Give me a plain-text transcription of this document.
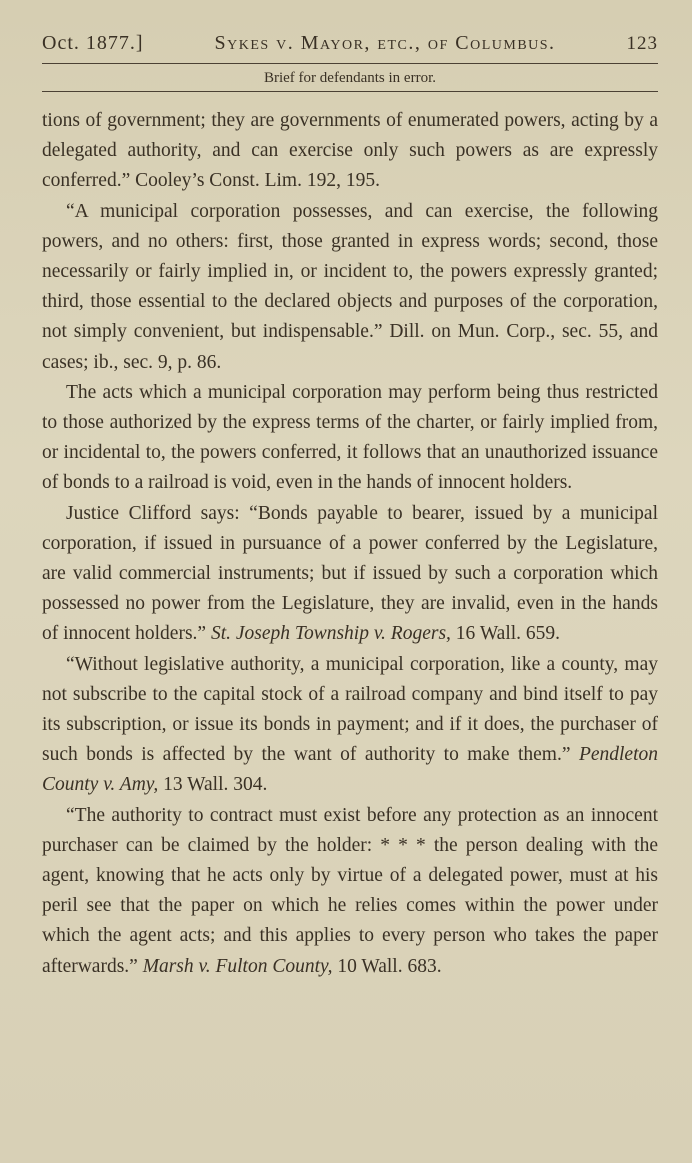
Oct. 1877.]	Sykes v. Mayor, etc., of Columbus.	123
Brief for defendants in error.

tions of government; they are governments of enumerated powers, acting by a delegated authority, and can exercise only such powers as are expressly conferred.” Cooley’s Const. Lim. 192, 195.

“A municipal corporation possesses, and can exercise, the following powers, and no others: first, those granted in express words; second, those necessarily or fairly implied in, or incident to, the powers expressly granted; third, those essential to the declared objects and purposes of the corporation, not simply convenient, but indispensable.” Dill. on Mun. Corp., sec. 55, and cases; ib., sec. 9, p. 86.

The acts which a municipal corporation may perform being thus restricted to those authorized by the express terms of the charter, or fairly implied from, or incidental to, the powers conferred, it follows that an unauthorized issuance of bonds to a railroad is void, even in the hands of innocent holders.

Justice Clifford says: “Bonds payable to bearer, issued by a municipal corporation, if issued in pursuance of a power conferred by the Legislature, are valid commercial instruments; but if issued by such a corporation which possessed no power from the Legislature, they are invalid, even in the hands of innocent holders.” St. Joseph Township v. Rogers, 16 Wall. 659.

“Without legislative authority, a municipal corporation, like a county, may not subscribe to the capital stock of a railroad company and bind itself to pay its subscription, or issue its bonds in payment; and if it does, the purchaser of such bonds is affected by the want of authority to make them.” Pendleton County v. Amy, 13 Wall. 304.

“The authority to contract must exist before any protection as an innocent purchaser can be claimed by the holder: * * * the person dealing with the agent, knowing that he acts only by virtue of a delegated power, must at his peril see that the paper on which he relies comes within the power under which the agent acts; and this applies to every person who takes the paper afterwards.” Marsh v. Fulton County, 10 Wall. 683.
